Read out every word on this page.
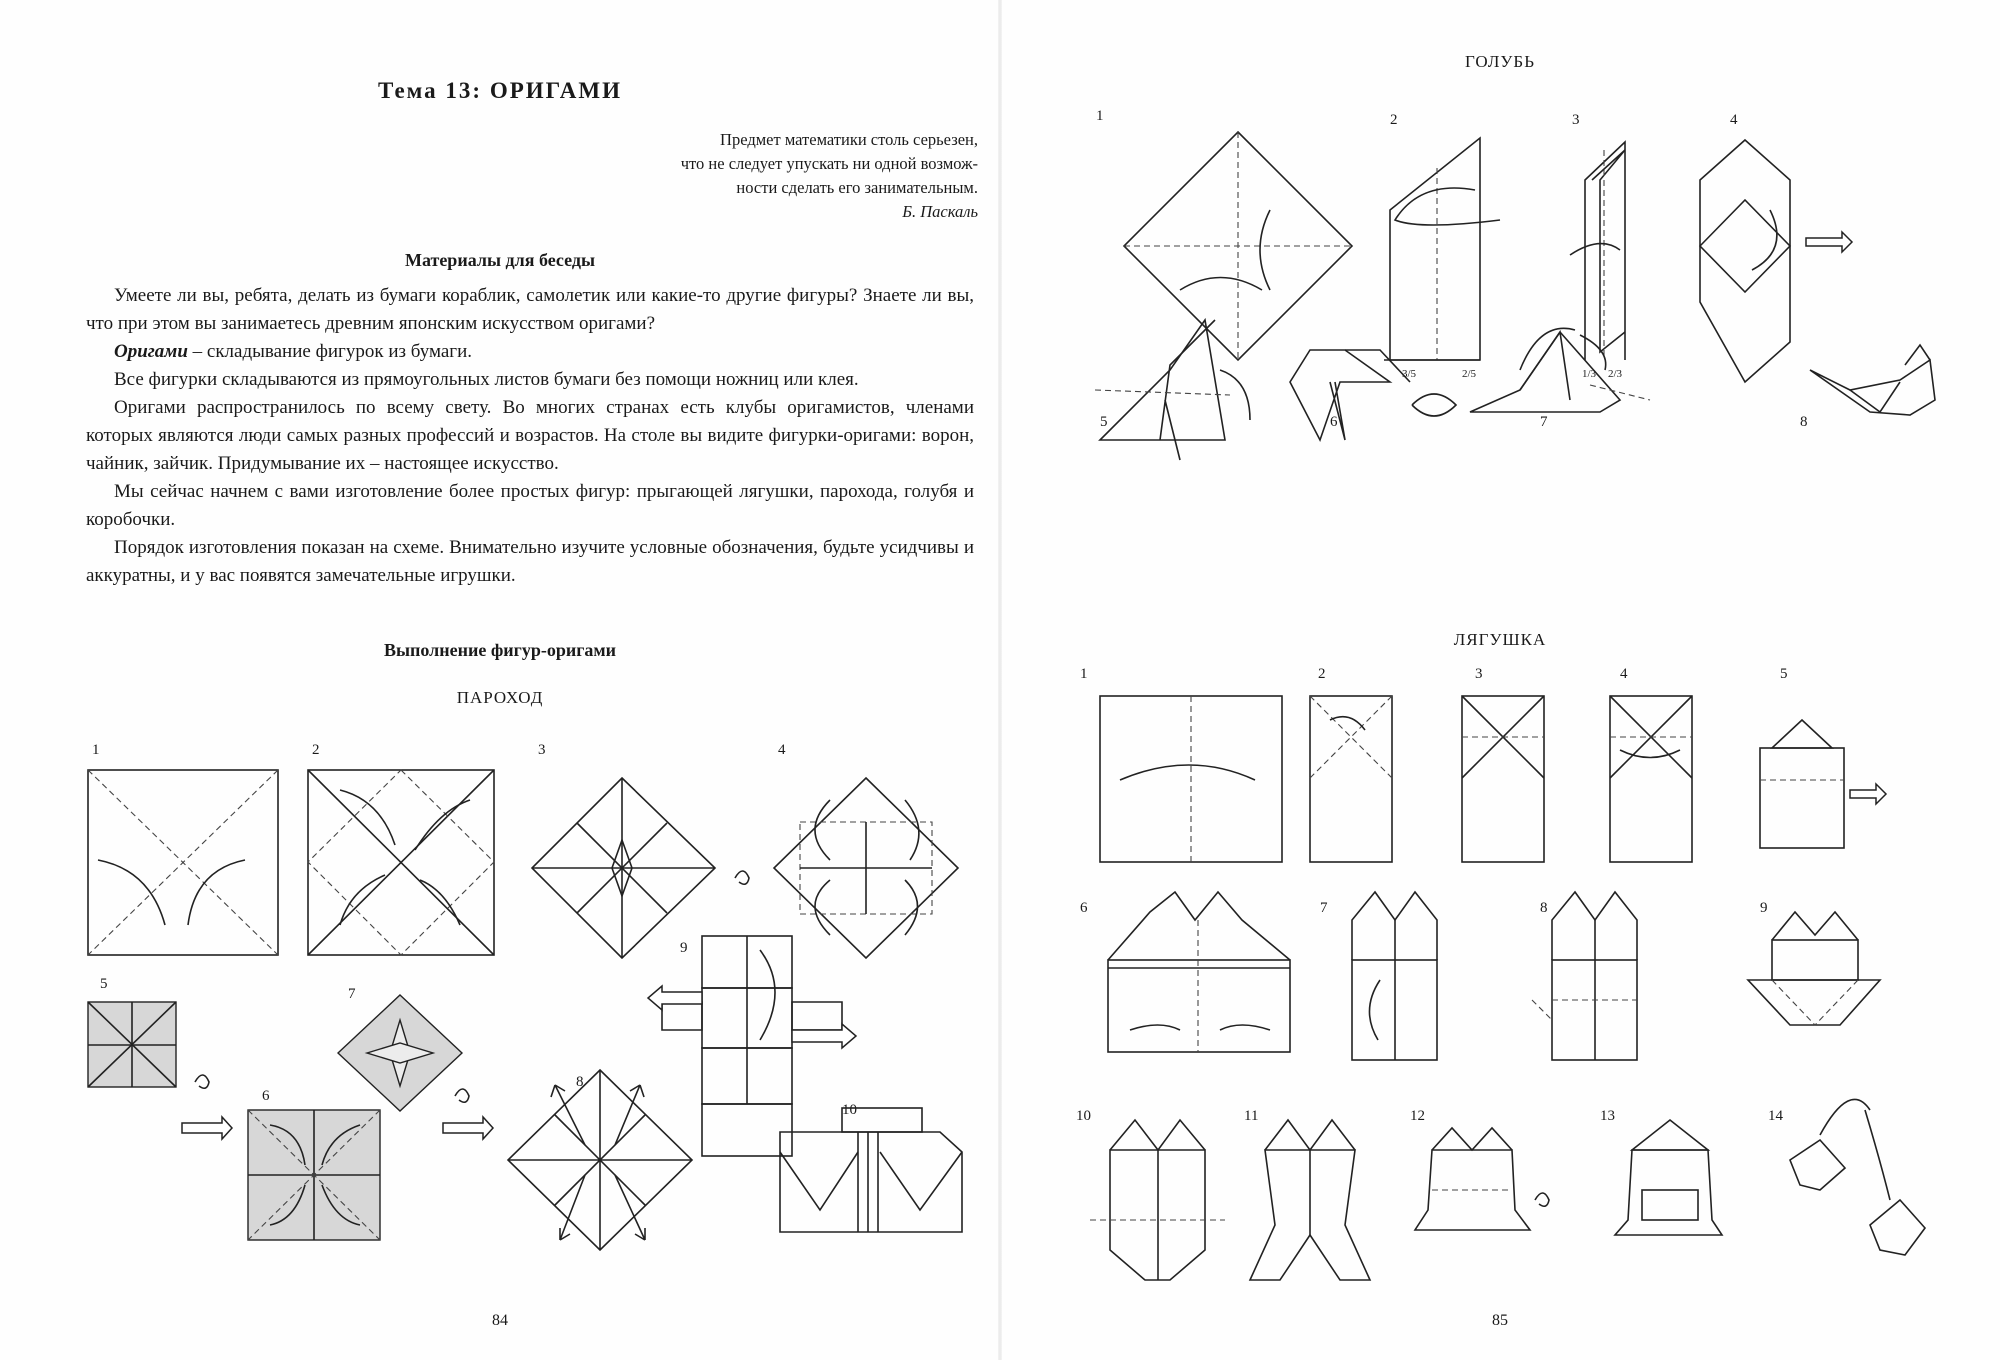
Тема 13: ОРИГАМИ
Предмет математики столь серьезен,
что не следует упускать ни одной возмож-
ности сделать его занимательным.
Б. Паскаль
Материалы для беседы

Умеете ли вы, ребята, делать из бумаги кораблик, самолетик или какие-то другие фигуры? Знаете ли вы, что при этом вы занимаетесь древним японским искусством оригами?

Оригами – складывание фигурок из бумаги.

Все фигурки складываются из прямоугольных листов бумаги без помощи ножниц или клея.

Оригами распространилось по всему свету. Во многих странах есть клубы оригамистов, членами которых являются люди самых разных профессий и возрастов. На столе вы видите фигурки-оригами: ворон, чайник, зайчик. Придумывание их – настоящее искусство.

Мы сейчас начнем с вами изготовление более простых фигур: прыгающей лягушки, парохода, голубя и коробочки.

Порядок изготовления показан на схеме. Внимательно изучите условные обозначения, будьте усидчивы и аккуратны, и у вас появятся замечательные игрушки.

Выполнение фигур-оригами
ПАРОХОД
1	2	3	4
5
6
7
8
9
10
84
ГОЛУБЬ
1	2	3	4
5	6	7	8
3/5	2/5	1/3 2/3
ЛЯГУШКА
1	2	3	4	5
6	7	8	9
10	11	12	13	14
85
